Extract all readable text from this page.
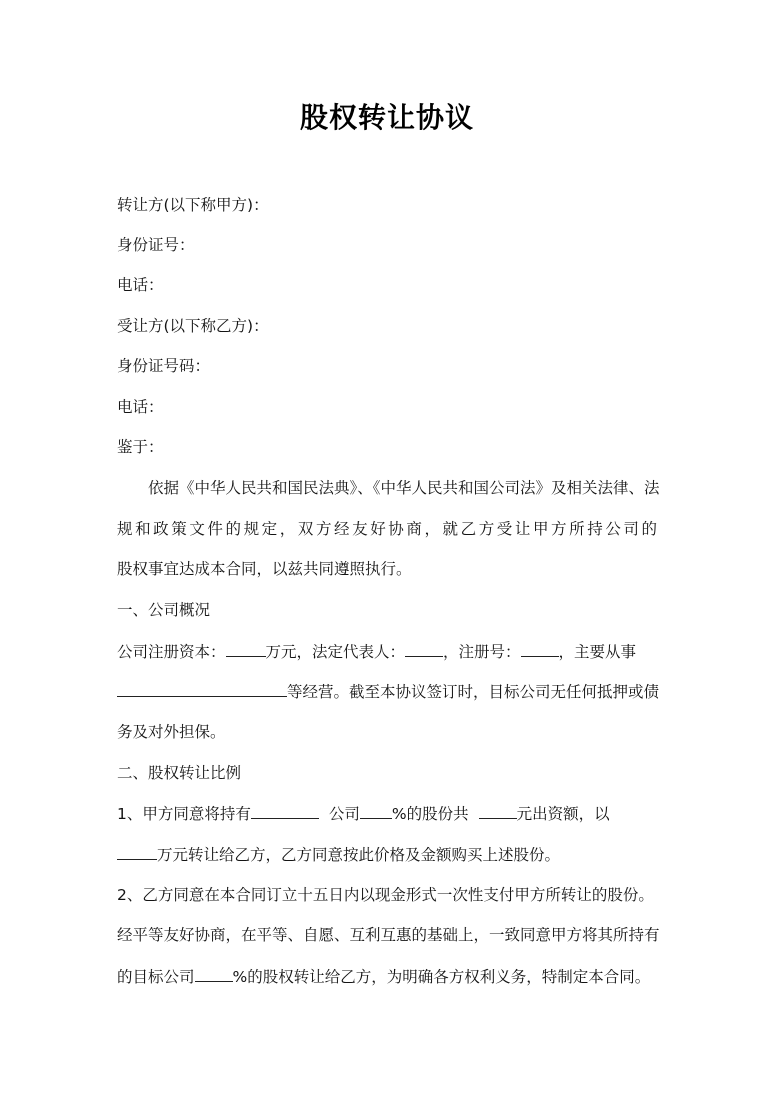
股权转让协议
转让方(以下称甲方)：
身份证号：
电话：
受让方(以下称乙方)：
身份证号码：
电话：
鉴于：
依据《中华人民共和国民法典》、《中华人民共和国公司法》及相关法律、法
规和政策文件的规定，双方经友好协商，就乙方受让甲方所持公司的
股权事宜达成本合同，以兹共同遵照执行。
一、公司概况
公司注册资本：	万元，法定代表人： ，注册号： ，主要从事
等经营。截至本协议签订时，目标公司无任何抵押或债
务及对外担保。
二、股权转让比例
1、甲方同意将持有	公司 %的股份共	元出资额，以
万元转让给乙方，乙方同意按此价格及金额购买上述股份。
2、乙方同意在本合同订立十五日内以现金形式一次性支付甲方所转让的股份。
经平等友好协商，在平等、自愿、互利互惠的基础上，一致同意甲方将其所持有
的目标公司 %的股权转让给乙方，为明确各方权利义务，特制定本合同。
